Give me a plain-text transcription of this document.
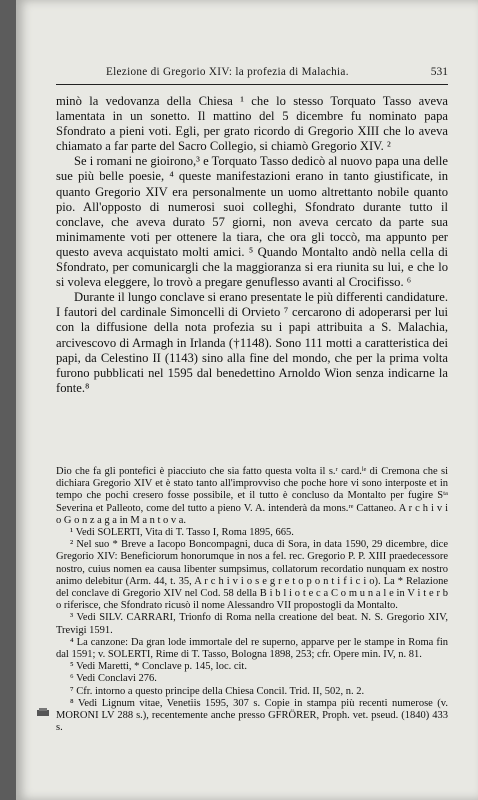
Elezione di Gregorio XIV: la profezia di Malachia.	531

minò la vedovanza della Chiesa ¹ che lo stesso Torquato Tasso aveva lamentata in un sonetto. Il mattino del 5 dicembre fu nominato papa Sfondrato a pieni voti. Egli, per grato ricordo di Gregorio XIII che lo aveva chiamato a far parte del Sacro Collegio, si chiamò Gregorio XIV. ²

Se i romani ne gioirono,³ e Torquato Tasso dedicò al nuovo papa una delle sue più belle poesie, ⁴ queste manifestazioni erano in tanto giustificate, in quanto Gregorio XIV era personalmente un uomo altrettanto nobile quanto pio. All'opposto di numerosi suoi colleghi, Sfondrato durante tutto il conclave, che aveva durato 57 giorni, non aveva cercato da parte sua minimamente voti per ottenere la tiara, che ora gli toccò, ma appunto per questo aveva acquistato molti amici. ⁵ Quando Montalto andò nella cella di Sfondrato, per comunicargli che la maggioranza si era riunita su lui, e che lo si voleva eleggere, lo trovò a pregare genuflesso avanti al Crocifisso. ⁶

Durante il lungo conclave si erano presentate le più differenti candidature. I fautori del cardinale Simoncelli di Orvieto ⁷ cercarono di adoperarsi per lui con la diffusione della nota profezia su i papi attribuita a S. Malachia, arcivescovo di Armagh in Irlanda (†1148). Sono 111 motti a caratteristica dei papi, da Celestino II (1143) sino alla fine del mondo, che per la prima volta furono pubblicati nel 1595 dal benedettino Arnoldo Wion senza indicarne la fonte.⁸

Dio che fa gli pontefici è piacciuto che sia fatto questa volta il s.ʳ card.ˡᵉ di Cremona che si dichiara Gregorio XIV et è stato tanto all'improvviso che poche hore vi sono interposte et in tempo che pochi cresero fosse possibile, et il tutto è concluso da Montalto per fugire Sᵗᵃ Severina et Palleoto, come del tutto a pieno V. A. intenderà da mons.ʳᵉ Cattaneo. A r c h i v i o G o n z a g a in M a n t o v a.

¹ Vedi SOLERTI, Vita di T. Tasso I, Roma 1895, 665.

² Nel suo * Breve a Iacopo Boncompagni, duca di Sora, in data 1590, 29 dicembre, dice Gregorio XIV: Beneficiorum honorumque in nos a fel. rec. Gregorio P. P. XIII praedecessore nostro, cuius nomen ea causa libenter sumpsimus, collatorum recordatio nunquam ex nostro animo delebitur (Arm. 44, t. 35, A r c h i v i o s e g r e t o p o n t i f i c i o). La * Relazione del conclave di Gregorio XIV nel Cod. 58 della B i b l i o t e c a C o m u n a l e in V i t e r b o riferisce, che Sfondrato ricusò il nome Alessandro VII propostogli da Montalto.

³ Vedi SILV. CARRARI, Trionfo di Roma nella creatione del beat. N. S. Gregorio XIV, Trevigi 1591.

⁴ La canzone: Da gran lode immortale del re superno, apparve per le stampe in Roma fin dal 1591; v. SOLERTI, Rime di T. Tasso, Bologna 1898, 253; cfr. Opere min. IV, n. 81.

⁵ Vedi Maretti, * Conclave p. 145, loc. cit.

⁶ Vedi Conclavi 276.

⁷ Cfr. intorno a questo principe della Chiesa Concil. Trid. II, 502, n. 2.

⁸ Vedi Lignum vitae, Venetiis 1595, 307 s. Copie in stampa più recenti numerose (v. MORONI LV 288 s.), recentemente anche presso GFRÖRER, Proph. vet. pseud. (1840) 433 s.
